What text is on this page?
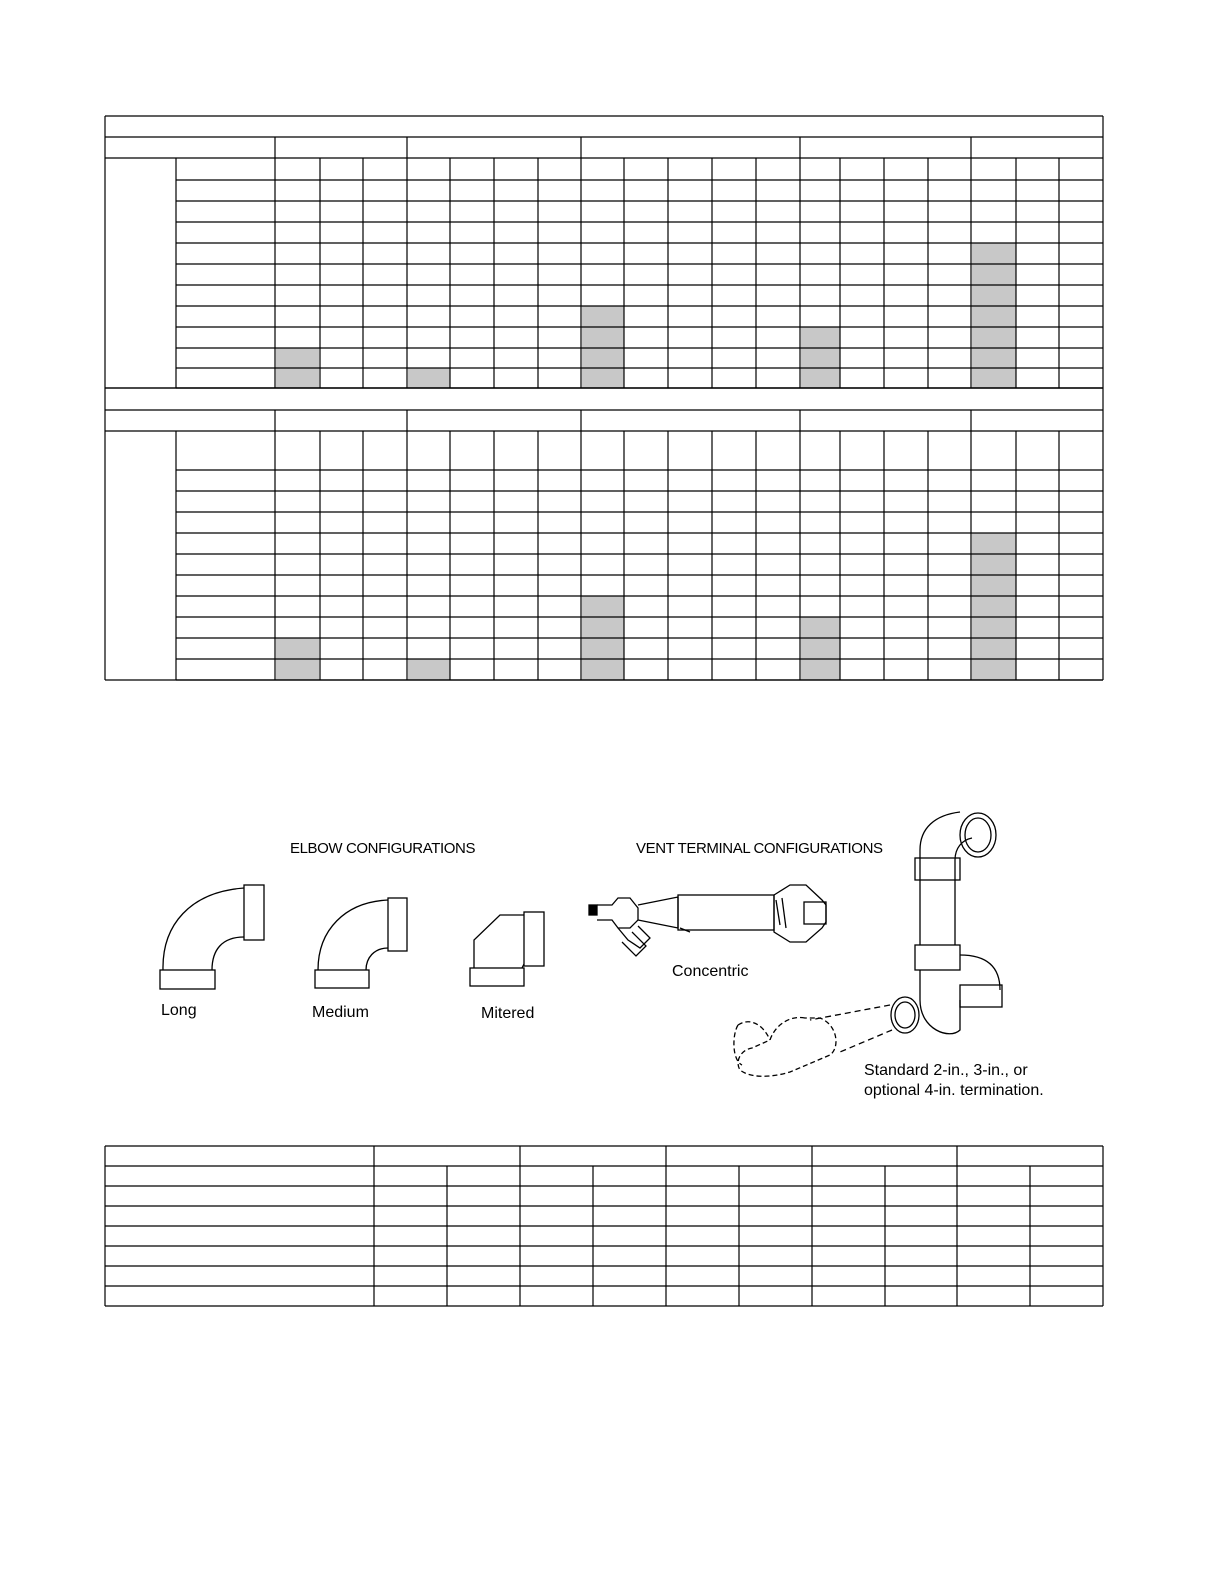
ELBOW CONFIGURATIONS
Long	Medium	Mitered
VENT TERMINAL CONFIGURATIONS
Concentric
Standard 2-in., 3-in., or
optional 4-in. termination.
